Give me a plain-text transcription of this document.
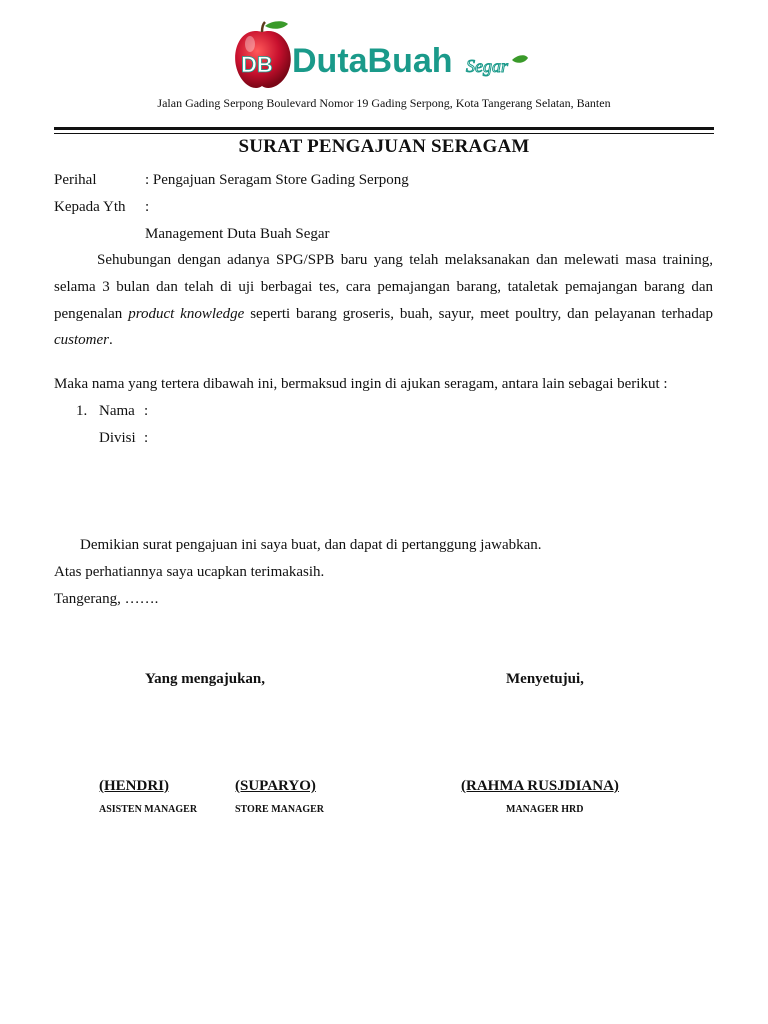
DB DutaBuah Segar
Jalan Gading Serpong Boulevard Nomor 19 Gading Serpong, Kota Tangerang Selatan, Banten
SURAT PENGAJUAN SERAGAM
Perihal	: Pengajuan Seragam Store Gading Serpong
Kepada Yth :
Management Duta Buah Segar
Sehubungan dengan adanya SPG/SPB baru yang telah melaksanakan dan melewati masa training, selama 3 bulan dan telah di uji berbagai tes, cara pemajangan barang, tataletak pemajangan barang dan pengenalan product knowledge seperti barang groseris, buah, sayur, meet poultry, dan pelayanan terhadap customer.
Maka nama yang tertera dibawah ini, bermaksud ingin di ajukan seragam, antara lain sebagai berikut :
1. Nama :
Divisi :
Demikian surat pengajuan ini saya buat, dan dapat di pertanggung jawabkan.
Atas perhatiannya saya ucapkan terimakasih.
Tangerang, …….
Yang mengajukan,	Menyetujui,
(HENDRI)
ASISTEN MANAGER
(SUPARYO)
STORE MANAGER
(RAHMA RUSJDIANA)
MANAGER HRD
